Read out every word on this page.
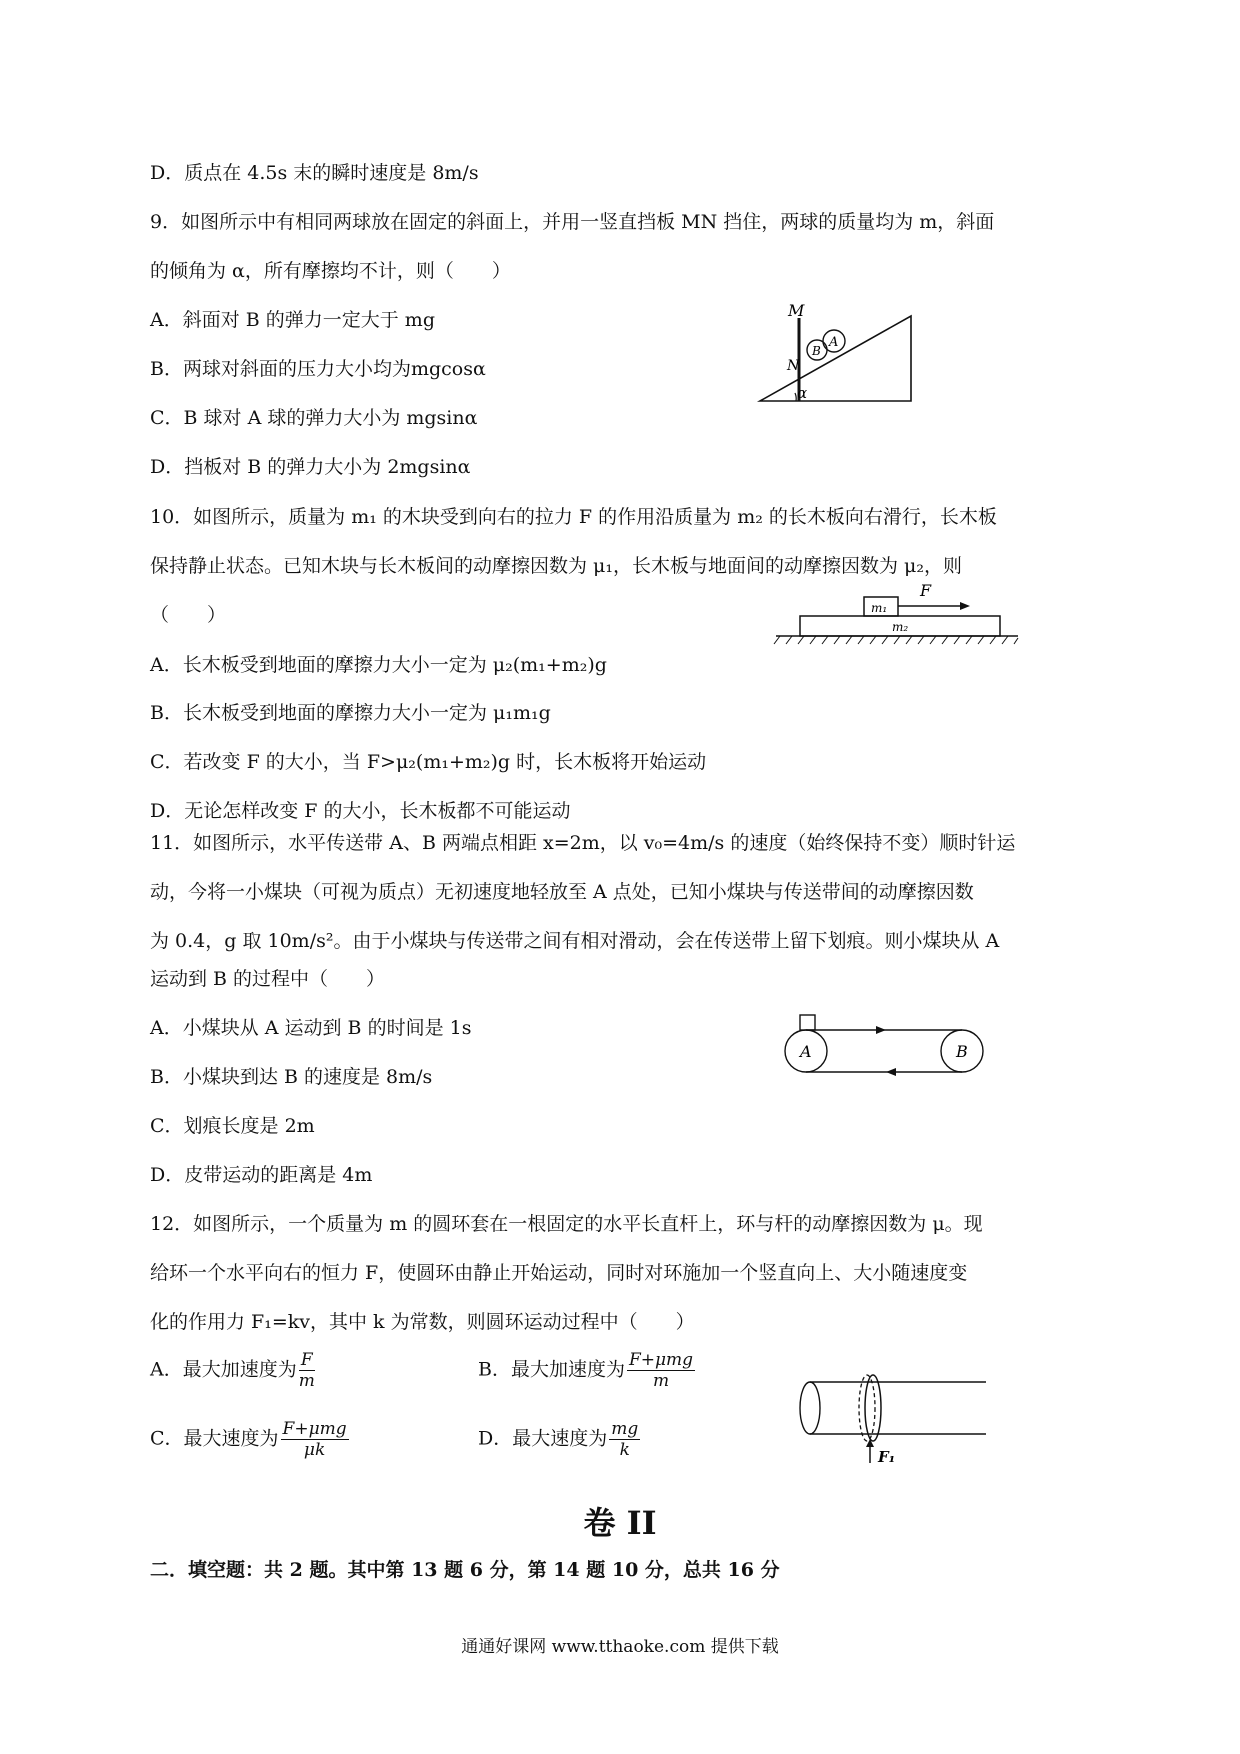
D．质点在 4.5s 末的瞬时速度是 8m/s
9．如图所示中有相同两球放在固定的斜面上，并用一竖直挡板 MN 挡住，两球的质量均为 m，斜面
的倾角为 α，所有摩擦均不计，则（　　）
A．斜面对 B 的弹力一定大于 mg
B．两球对斜面的压力大小均为mgcosα
C．B 球对 A 球的弹力大小为 mgsinα
D．挡板对 B 的弹力大小为 2mgsinα
M
N
A
B
α
10．如图所示，质量为 m₁ 的木块受到向右的拉力 F 的作用沿质量为 m₂ 的长木板向右滑行，长木板
保持静止状态。已知木块与长木板间的动摩擦因数为 μ₁，长木板与地面间的动摩擦因数为 μ₂，则
（　　）
A．长木板受到地面的摩擦力大小一定为 μ₂(m₁+m₂)g
B．长木板受到地面的摩擦力大小一定为 μ₁m₁g
C．若改变 F 的大小，当 F>μ₂(m₁+m₂)g 时，长木板将开始运动
D．无论怎样改变 F 的大小，长木板都不可能运动
F
m₁
m₂
11．如图所示，水平传送带 A、B 两端点相距 x=2m，以 v₀=4m/s 的速度（始终保持不变）顺时针运
动，今将一小煤块（可视为质点）无初速度地轻放至 A 点处，已知小煤块与传送带间的动摩擦因数
为 0.4，g 取 10m/s²。由于小煤块与传送带之间有相对滑动，会在传送带上留下划痕。则小煤块从 A
运动到 B 的过程中（　　）
A．小煤块从 A 运动到 B 的时间是 1s
B．小煤块到达 B 的速度是 8m/s
C．划痕长度是 2m
D．皮带运动的距离是 4m
A	B
12．如图所示，一个质量为 m 的圆环套在一根固定的水平长直杆上，环与杆的动摩擦因数为 μ。现
给环一个水平向右的恒力 F，使圆环由静止开始运动，同时对环施加一个竖直向上、大小随速度变
化的作用力 F₁=kv，其中 k 为常数，则圆环运动过程中（　　）
A．最大加速度为 $\frac{F}{m}$	B．最大加速度为 $\frac{\text{F+μmg}}{m}$
C．最大速度为 $\frac{\text{F+μmg}}{\mu k}$	D．最大速度为 $\frac{mg}{k}$	F₁
卷 II
二．填空题：共 2 题。其中第 13 题 6 分，第 14 题 10 分，总共 16 分
通通好课网 www.tthaoke.com 提供下载
